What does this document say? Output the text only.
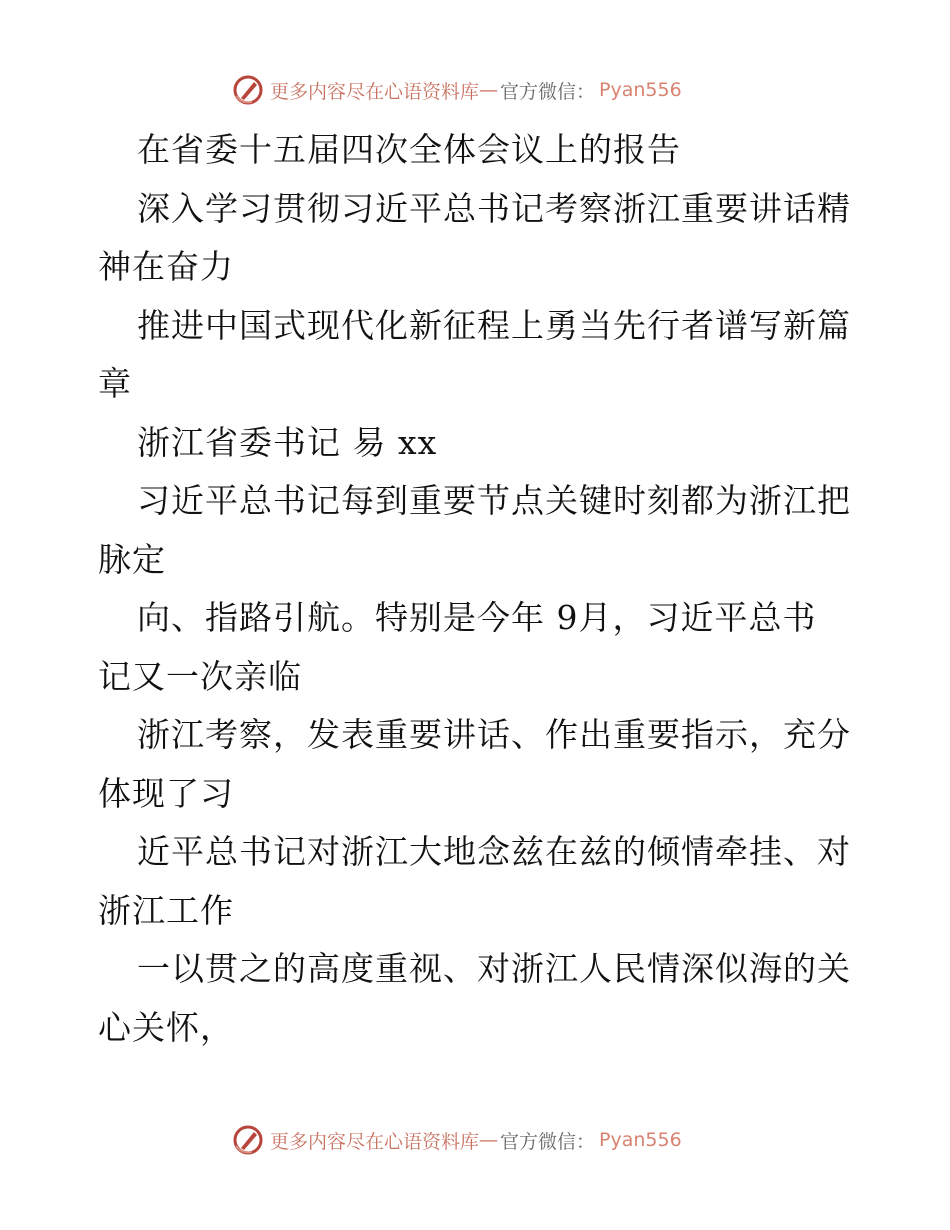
更多内容尽在心语资料库 — 官方微信： Pyan556
在省委十五届四次全体会议上的报告
深入学习贯彻习近平总书记考察浙江重要讲话精
神在奋力
推进中国式现代化新征程上勇当先行者谱写新篇
章
浙江省委书记 易 xx
习近平总书记每到重要节点关键时刻都为浙江把
脉定
向、指路引航。特别是今年 9月，习近平总书
记又一次亲临
浙江考察，发表重要讲话、作出重要指示，充分
体现了习
近平总书记对浙江大地念兹在兹的倾情牵挂、对
浙江工作
一以贯之的高度重视、对浙江人民情深似海的关
心关怀，
更多内容尽在心语资料库 — 官方微信： Pyan556
